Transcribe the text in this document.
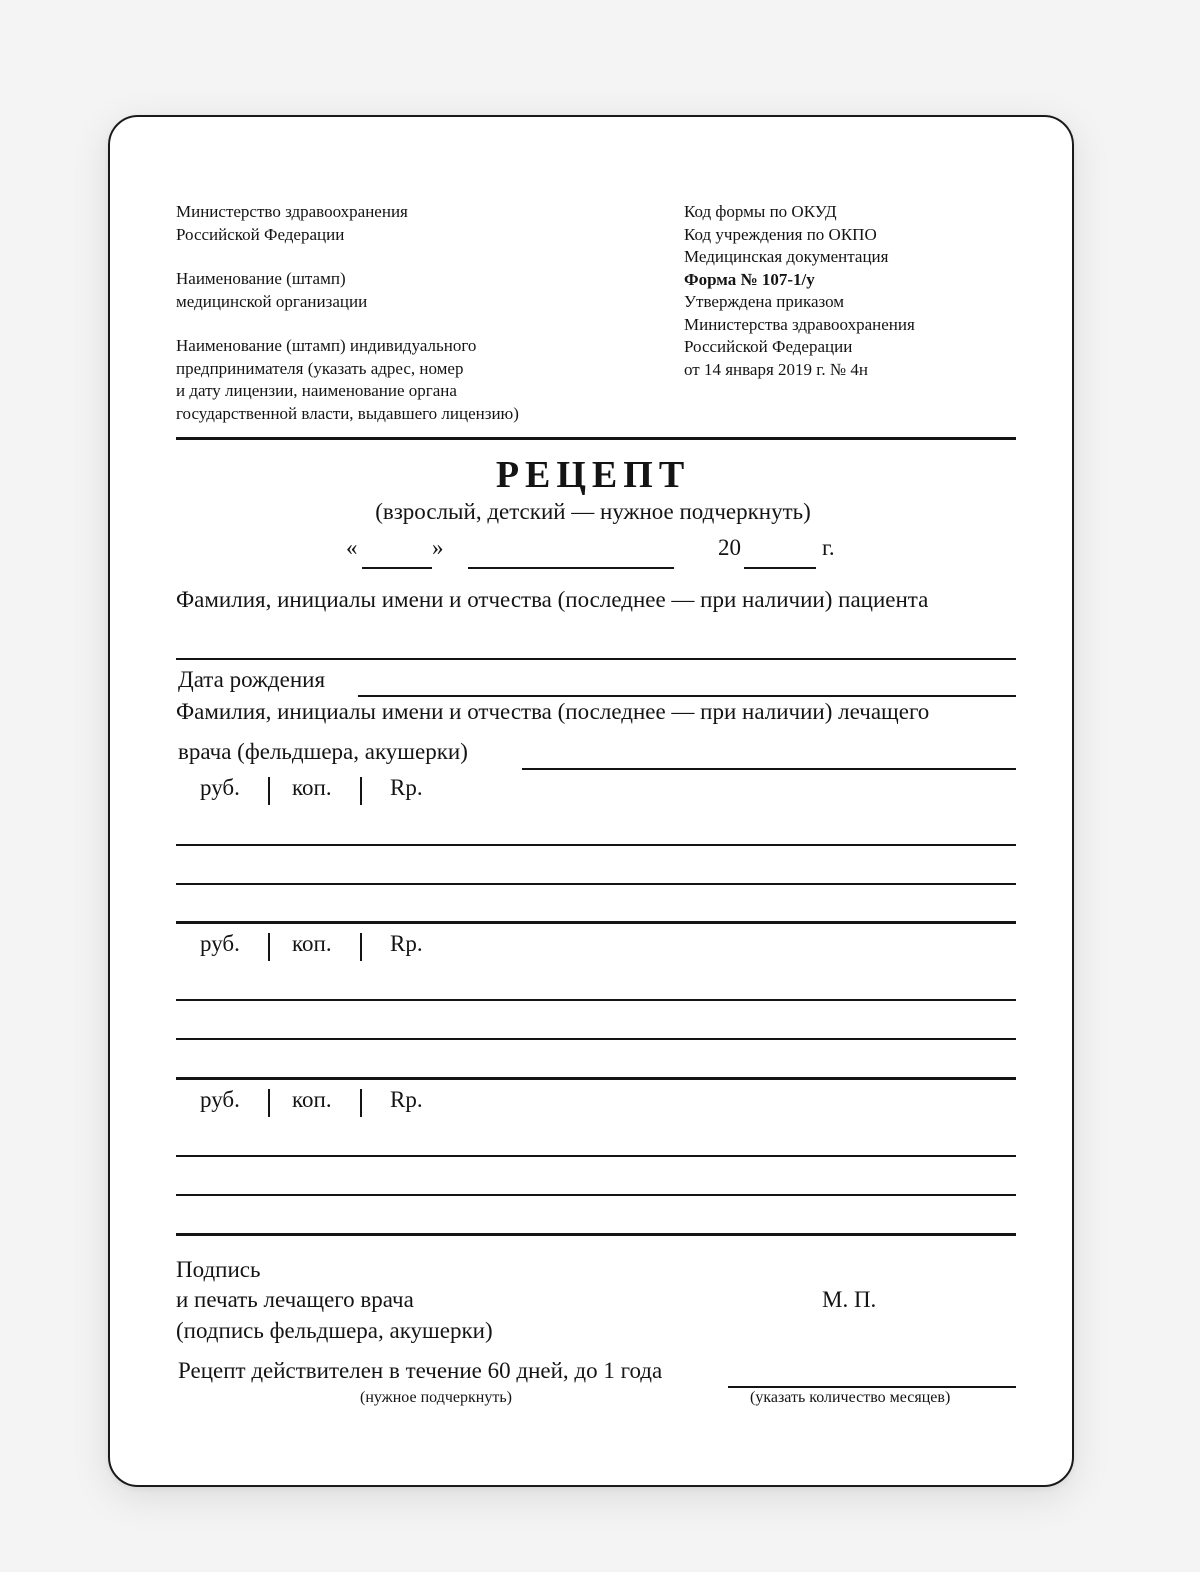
Министерство здравоохранения
Российской Федерации
Наименование (штамп)
медицинской организации
Наименование (штамп) индивидуального
предпринимателя (указать адрес, номер
и дату лицензии, наименование органа
государственной власти, выдавшего лицензию)
Код формы по ОКУД
Код учреждения по ОКПО
Медицинская документация
Форма № 107-1/у
Утверждена приказом
Министерства здравоохранения
Российской Федерации
от 14 января 2019 г. № 4н
РЕЦЕПТ
(взрослый, детский — нужное подчеркнуть)
«	»	20	г.
Фамилия, инициалы имени и отчества (последнее — при наличии) пациента
Дата рождения
Фамилия, инициалы имени и отчества (последнее — при наличии) лечащего
врача (фельдшера, акушерки)
руб. коп.	Rp.
руб. коп.	Rp.
руб. коп.	Rp.
Подпись
и печать лечащего врача
(подпись фельдшера, акушерки)
М. П.
Рецепт действителен в течение 60 дней, до 1 года
(нужное подчеркнуть)	(указать количество месяцев)
